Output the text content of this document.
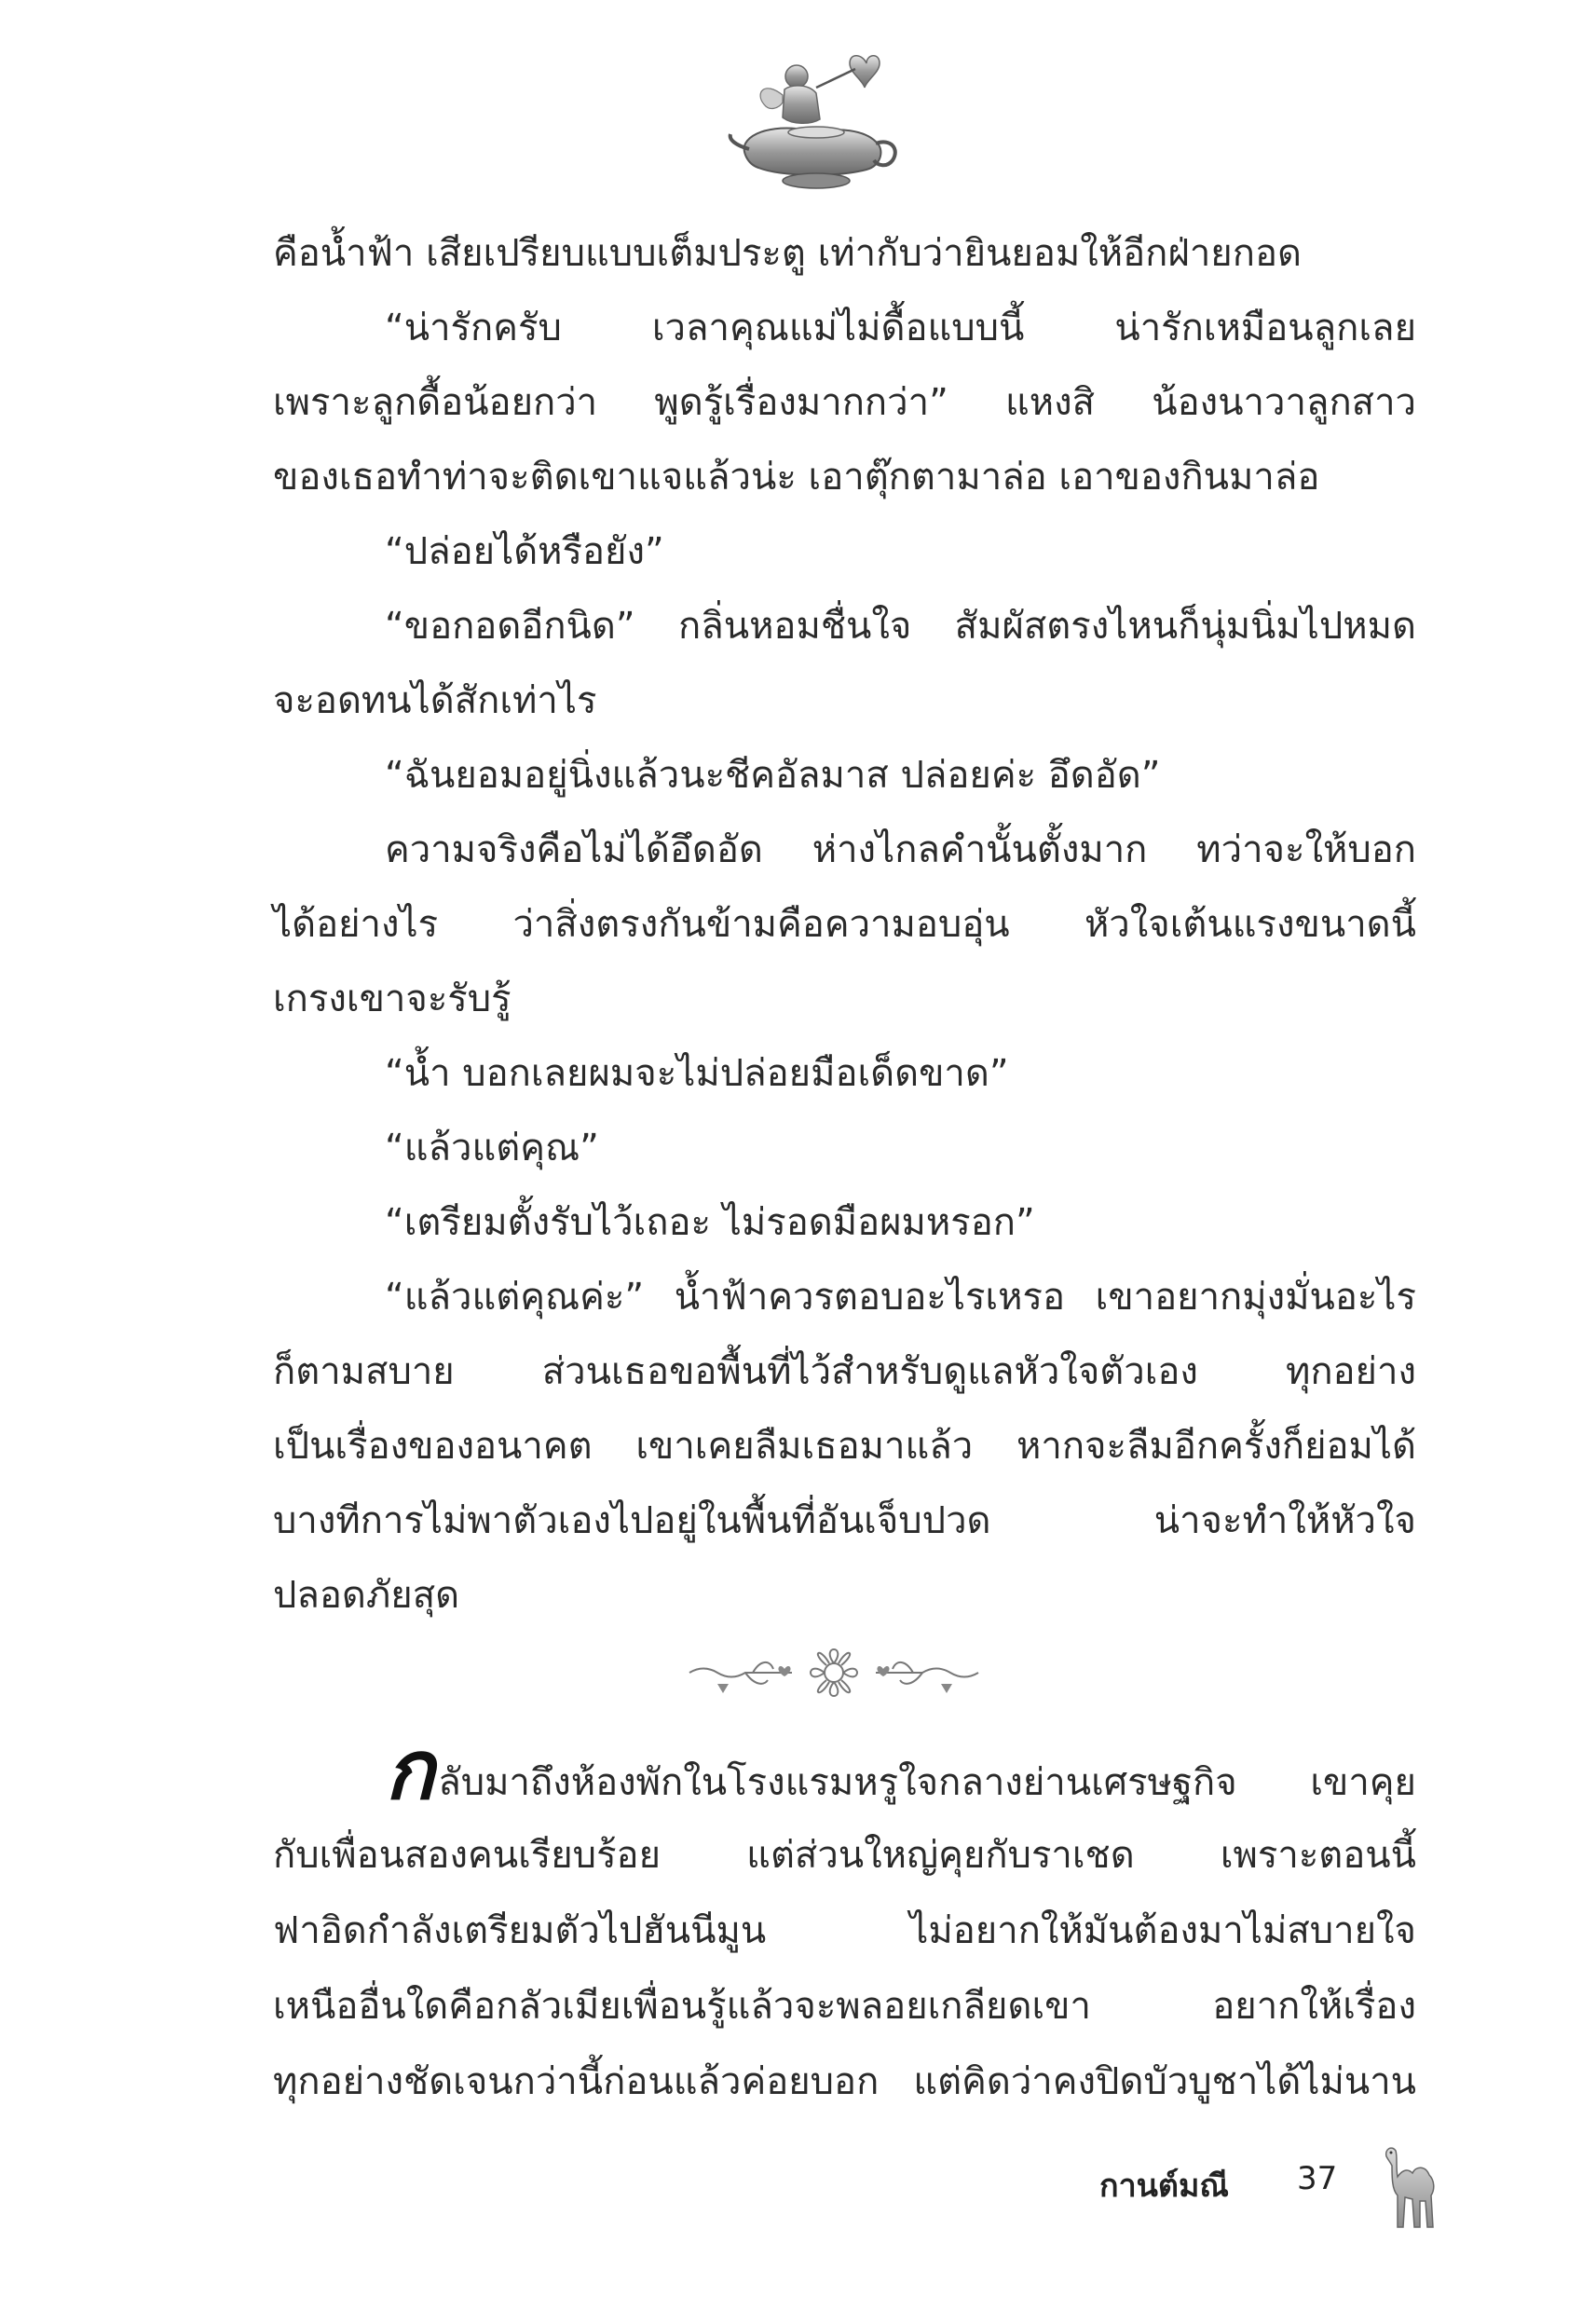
คือน้ำฟ้า เสียเปรียบแบบเต็มประตู เท่ากับว่ายินยอมให้อีกฝ่ายกอด
“น่ารักครับ เวลาคุณแม่ไม่ดื้อแบบนี้ น่ารักเหมือนลูกเลย
เพราะลูกดื้อน้อยกว่า พูดรู้เรื่องมากกว่า” แหงสิ น้องนาวาลูกสาว
ของเธอทำท่าจะติดเขาแจแล้วน่ะ เอาตุ๊กตามาล่อ เอาของกินมาล่อ
“ปล่อยได้หรือยัง”
“ขอกอดอีกนิด” กลิ่นหอมชื่นใจ สัมผัสตรงไหนก็นุ่มนิ่มไปหมด
จะอดทนได้สักเท่าไร
“ฉันยอมอยู่นิ่งแล้วนะชีคอัลมาส ปล่อยค่ะ อึดอัด”
ความจริงคือไม่ได้อึดอัด ห่างไกลคำนั้นตั้งมาก ทว่าจะให้บอก
ได้อย่างไร ว่าสิ่งตรงกันข้ามคือความอบอุ่น หัวใจเต้นแรงขนาดนี้
เกรงเขาจะรับรู้
“น้ำ บอกเลยผมจะไม่ปล่อยมือเด็ดขาด”
“แล้วแต่คุณ”
“เตรียมตั้งรับไว้เถอะ ไม่รอดมือผมหรอก”
“แล้วแต่คุณค่ะ” น้ำฟ้าควรตอบอะไรเหรอ เขาอยากมุ่งมั่นอะไร
ก็ตามสบาย ส่วนเธอขอพื้นที่ไว้สำหรับดูแลหัวใจตัวเอง ทุกอย่าง
เป็นเรื่องของอนาคต เขาเคยลืมเธอมาแล้ว หากจะลืมอีกครั้งก็ย่อมได้
บางทีการไม่พาตัวเองไปอยู่ในพื้นที่อันเจ็บปวด น่าจะทำให้หัวใจ
ปลอดภัยสุด
กลับมาถึงห้องพักในโรงแรมหรูใจกลางย่านเศรษฐกิจ เขาคุย
กับเพื่อนสองคนเรียบร้อย แต่ส่วนใหญ่คุยกับราเชด เพราะตอนนี้
ฟาอิดกำลังเตรียมตัวไปฮันนีมูน ไม่อยากให้มันต้องมาไม่สบายใจ
เหนืออื่นใดคือกลัวเมียเพื่อนรู้แล้วจะพลอยเกลียดเขา อยากให้เรื่อง
ทุกอย่างชัดเจนกว่านี้ก่อนแล้วค่อยบอก แต่คิดว่าคงปิดบัวบูชาได้ไม่นาน
กานต์มณี 37
